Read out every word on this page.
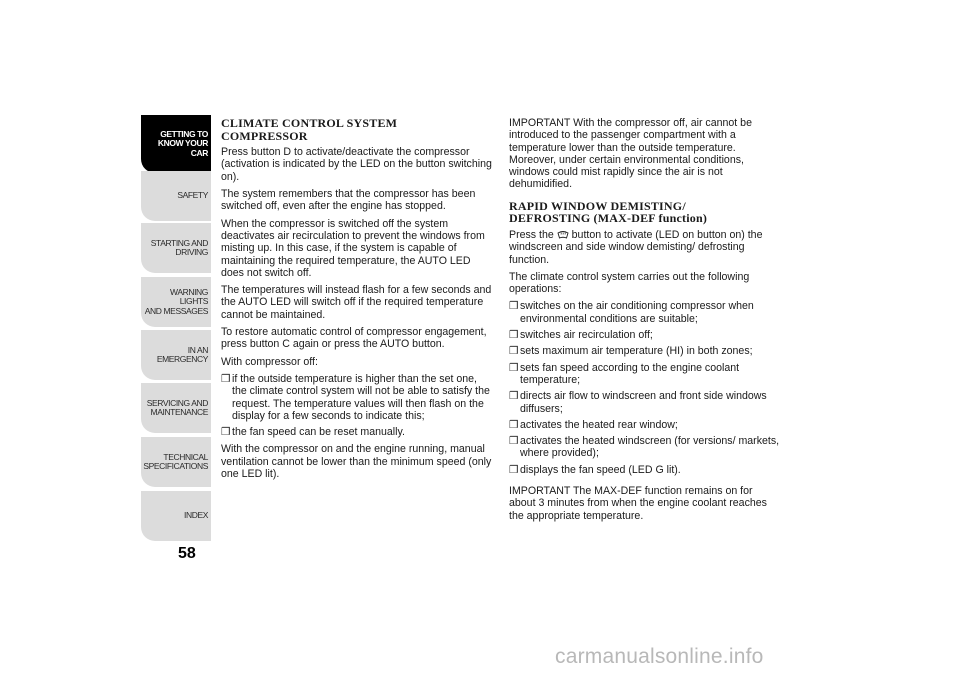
GETTING TO
KNOW YOUR CAR
SAFETY
STARTING AND
DRIVING
WARNING LIGHTS
AND MESSAGES
IN AN EMERGENCY
SERVICING AND
MAINTENANCE
TECHNICAL
SPECIFICATIONS
INDEX
58
CLIMATE CONTROL SYSTEM
COMPRESSOR

Press button D to activate/deactivate the compressor (activation is indicated by the LED on the button switching on).

The system remembers that the compressor has been switched off, even after the engine has stopped.

When the compressor is switched off the system deactivates air recirculation to prevent the windows from misting up. In this case, if the system is capable of maintaining the required temperature, the AUTO LED does not switch off.

The temperatures will instead flash for a few seconds and the AUTO LED will switch off if the required temperature cannot be maintained.

To restore automatic control of compressor engagement, press button C again or press the AUTO button.

With compressor off:

❒ if the outside temperature is higher than the set one, the climate control system will not be able to satisfy the request. The temperature values will then flash on the display for a few seconds to indicate this;
❒ the fan speed can be reset manually.

With the compressor on and the engine running, manual ventilation cannot be lower than the minimum speed (only one LED lit).

IMPORTANT With the compressor off, air cannot be introduced to the passenger compartment with a temperature lower than the outside temperature. Moreover, under certain environmental conditions, windows could mist rapidly since the air is not dehumidified.

RAPID WINDOW DEMISTING/
DEFROSTING (MAX-DEF function)

Press the button to activate (LED on button on) the windscreen and side window demisting/ defrosting function.

The climate control system carries out the following operations:

❒ switches on the air conditioning compressor when environmental conditions are suitable;
❒ switches air recirculation off;
❒ sets maximum air temperature (HI) in both zones;
❒ sets fan speed according to the engine coolant temperature;
❒ directs air flow to windscreen and front side windows diffusers;
❒ activates the heated rear window;
❒ activates the heated windscreen (for versions/ markets, where provided);
❒ displays the fan speed (LED G lit).

IMPORTANT The MAX-DEF function remains on for about 3 minutes from when the engine coolant reaches the appropriate temperature.

carmanualsonline.info
